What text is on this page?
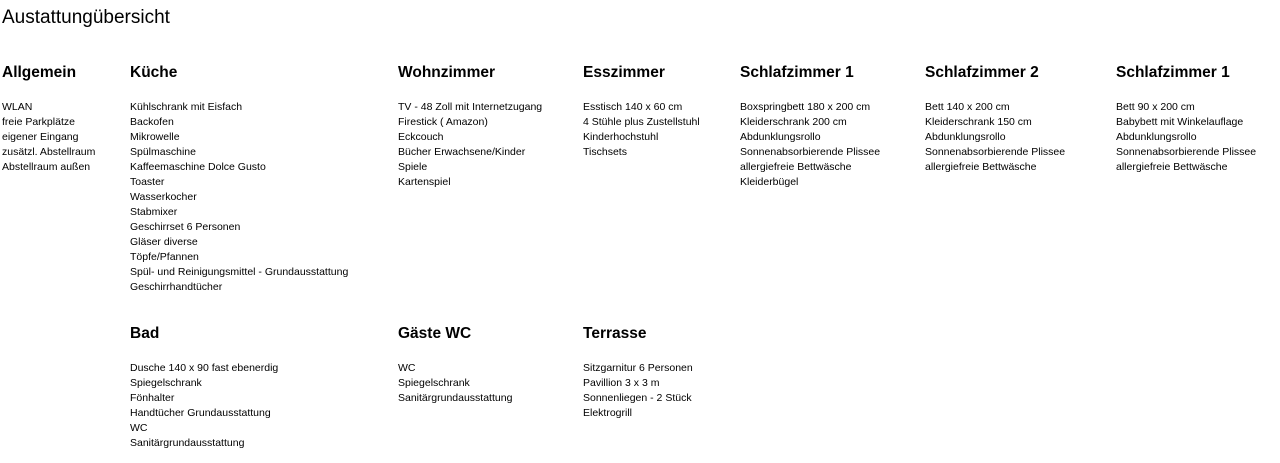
Austattungübersicht
Allgemein
WLAN
freie Parkplätze
eigener Eingang
zusätzl. Abstellraum
Abstellraum außen
Küche
Kühlschrank mit Eisfach
Backofen
Mikrowelle
Spülmaschine
Kaffeemaschine Dolce Gusto
Toaster
Wasserkocher
Stabmixer
Geschirrset 6 Personen
Gläser diverse
Töpfe/Pfannen
Spül- und Reinigungsmittel - Grundausstattung
Geschirrhandtücher
Wohnzimmer
TV - 48 Zoll mit Internetzugang
Firestick ( Amazon)
Eckcouch
Bücher Erwachsene/Kinder
Spiele
Kartenspiel
Esszimmer
Esstisch 140 x 60 cm
4 Stühle plus Zustellstuhl
Kinderhochstuhl
Tischsets
Schlafzimmer 1
Boxspringbett 180 x 200 cm
Kleiderschrank 200 cm
Abdunklungsrollo
Sonnenabsorbierende Plissee
allergiefreie Bettwäsche
Kleiderbügel
Schlafzimmer 2
Bett 140 x 200 cm
Kleiderschrank 150 cm
Abdunklungsrollo
Sonnenabsorbierende Plissee
allergiefreie Bettwäsche
Schlafzimmer 1
Bett 90 x 200 cm
Babybett mit Winkelauflage
Abdunklungsrollo
Sonnenabsorbierende Plissee
allergiefreie Bettwäsche
Bad
Dusche 140 x 90 fast ebenerdig
Spiegelschrank
Fönhalter
Handtücher Grundausstattung
WC
Sanitärgrundausstattung
Gäste WC
WC
Spiegelschrank
Sanitärgrundausstattung
Terrasse
Sitzgarnitur 6 Personen
Pavillion 3 x 3 m
Sonnenliegen - 2 Stück
Elektrogrill
